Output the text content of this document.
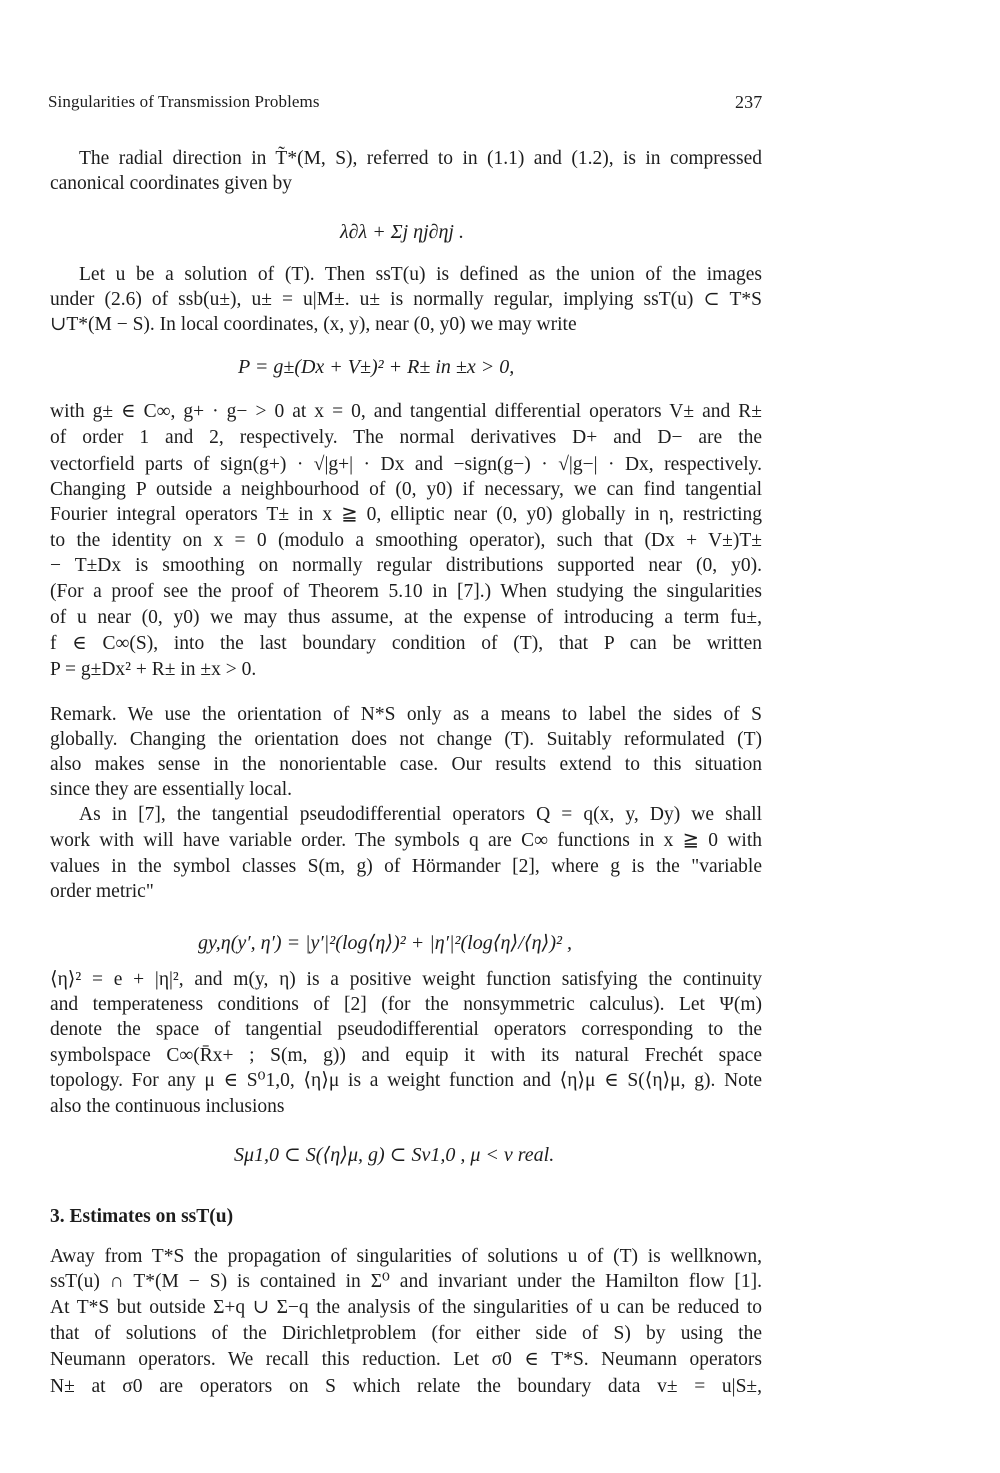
Singularities of Transmission Problems	237
The radial direction in T̃*(M, S), referred to in (1.1) and (1.2), is in compressed
canonical coordinates given by
λ∂λ + Σj ηj∂ηj .
Let u be a solution of (T). Then ssT(u) is defined as the union of the images
under (2.6) of ssb(u±), u± = u|M±. u± is normally regular, implying ssT(u) ⊂ T*S
∪T*(M − S). In local coordinates, (x, y), near (0, y0) we may write
P = g±(Dx + V±)² + R± in ±x > 0,
with g± ∈ C∞, g+ · g− > 0 at x = 0, and tangential differential operators V± and R±
of order 1 and 2, respectively. The normal derivatives D+ and D− are the
vectorfield parts of sign(g+) · √|g+| · Dx and −sign(g−) · √|g−| · Dx, respectively.
Changing P outside a neighbourhood of (0, y0) if necessary, we can find tangential
Fourier integral operators T± in x ≧ 0, elliptic near (0, y0) globally in η, restricting
to the identity on x = 0 (modulo a smoothing operator), such that (Dx + V±)T±
− T±Dx is smoothing on normally regular distributions supported near (0, y0).
(For a proof see the proof of Theorem 5.10 in [7].) When studying the singularities
of u near (0, y0) we may thus assume, at the expense of introducing a term fu±,
f ∈ C∞(S), into the last boundary condition of (T), that P can be written
P = g±Dx² + R± in ±x > 0.
Remark. We use the orientation of N*S only as a means to label the sides of S
globally. Changing the orientation does not change (T). Suitably reformulated (T)
also makes sense in the nonorientable case. Our results extend to this situation
since they are essentially local.
As in [7], the tangential pseudodifferential operators Q = q(x, y, Dy) we shall
work with will have variable order. The symbols q are C∞ functions in x ≧ 0 with
values in the symbol classes S(m, g) of Hörmander [2], where g is the "variable
order metric"
gy,η(y′, η′) = |y′|²(log⟨η⟩)² + |η′|²(log⟨η⟩/⟨η⟩)² ,
⟨η⟩² = e + |η|², and m(y, η) is a positive weight function satisfying the continuity
and temperateness conditions of [2] (for the nonsymmetric calculus). Let Ψ(m)
denote the space of tangential pseudodifferential operators corresponding to the
symbolspace C∞(R̄x+ ; S(m, g)) and equip it with its natural Frechét space
topology. For any μ ∈ S⁰1,0, ⟨η⟩μ is a weight function and ⟨η⟩μ ∈ S(⟨η⟩μ, g). Note
also the continuous inclusions
Sμ1,0 ⊂ S(⟨η⟩μ, g) ⊂ Sν1,0 , μ < ν real.
3. Estimates on ssT(u)
Away from T*S the propagation of singularities of solutions u of (T) is wellknown,
ssT(u) ∩ T*(M − S) is contained in Σ⁰ and invariant under the Hamilton flow [1].
At T*S but outside Σ+q ∪ Σ−q the analysis of the singularities of u can be reduced to
that of solutions of the Dirichletproblem (for either side of S) by using the
Neumann operators. We recall this reduction. Let σ0 ∈ T*S. Neumann operators
N± at σ0 are operators on S which relate the boundary data v± = u|S±,
